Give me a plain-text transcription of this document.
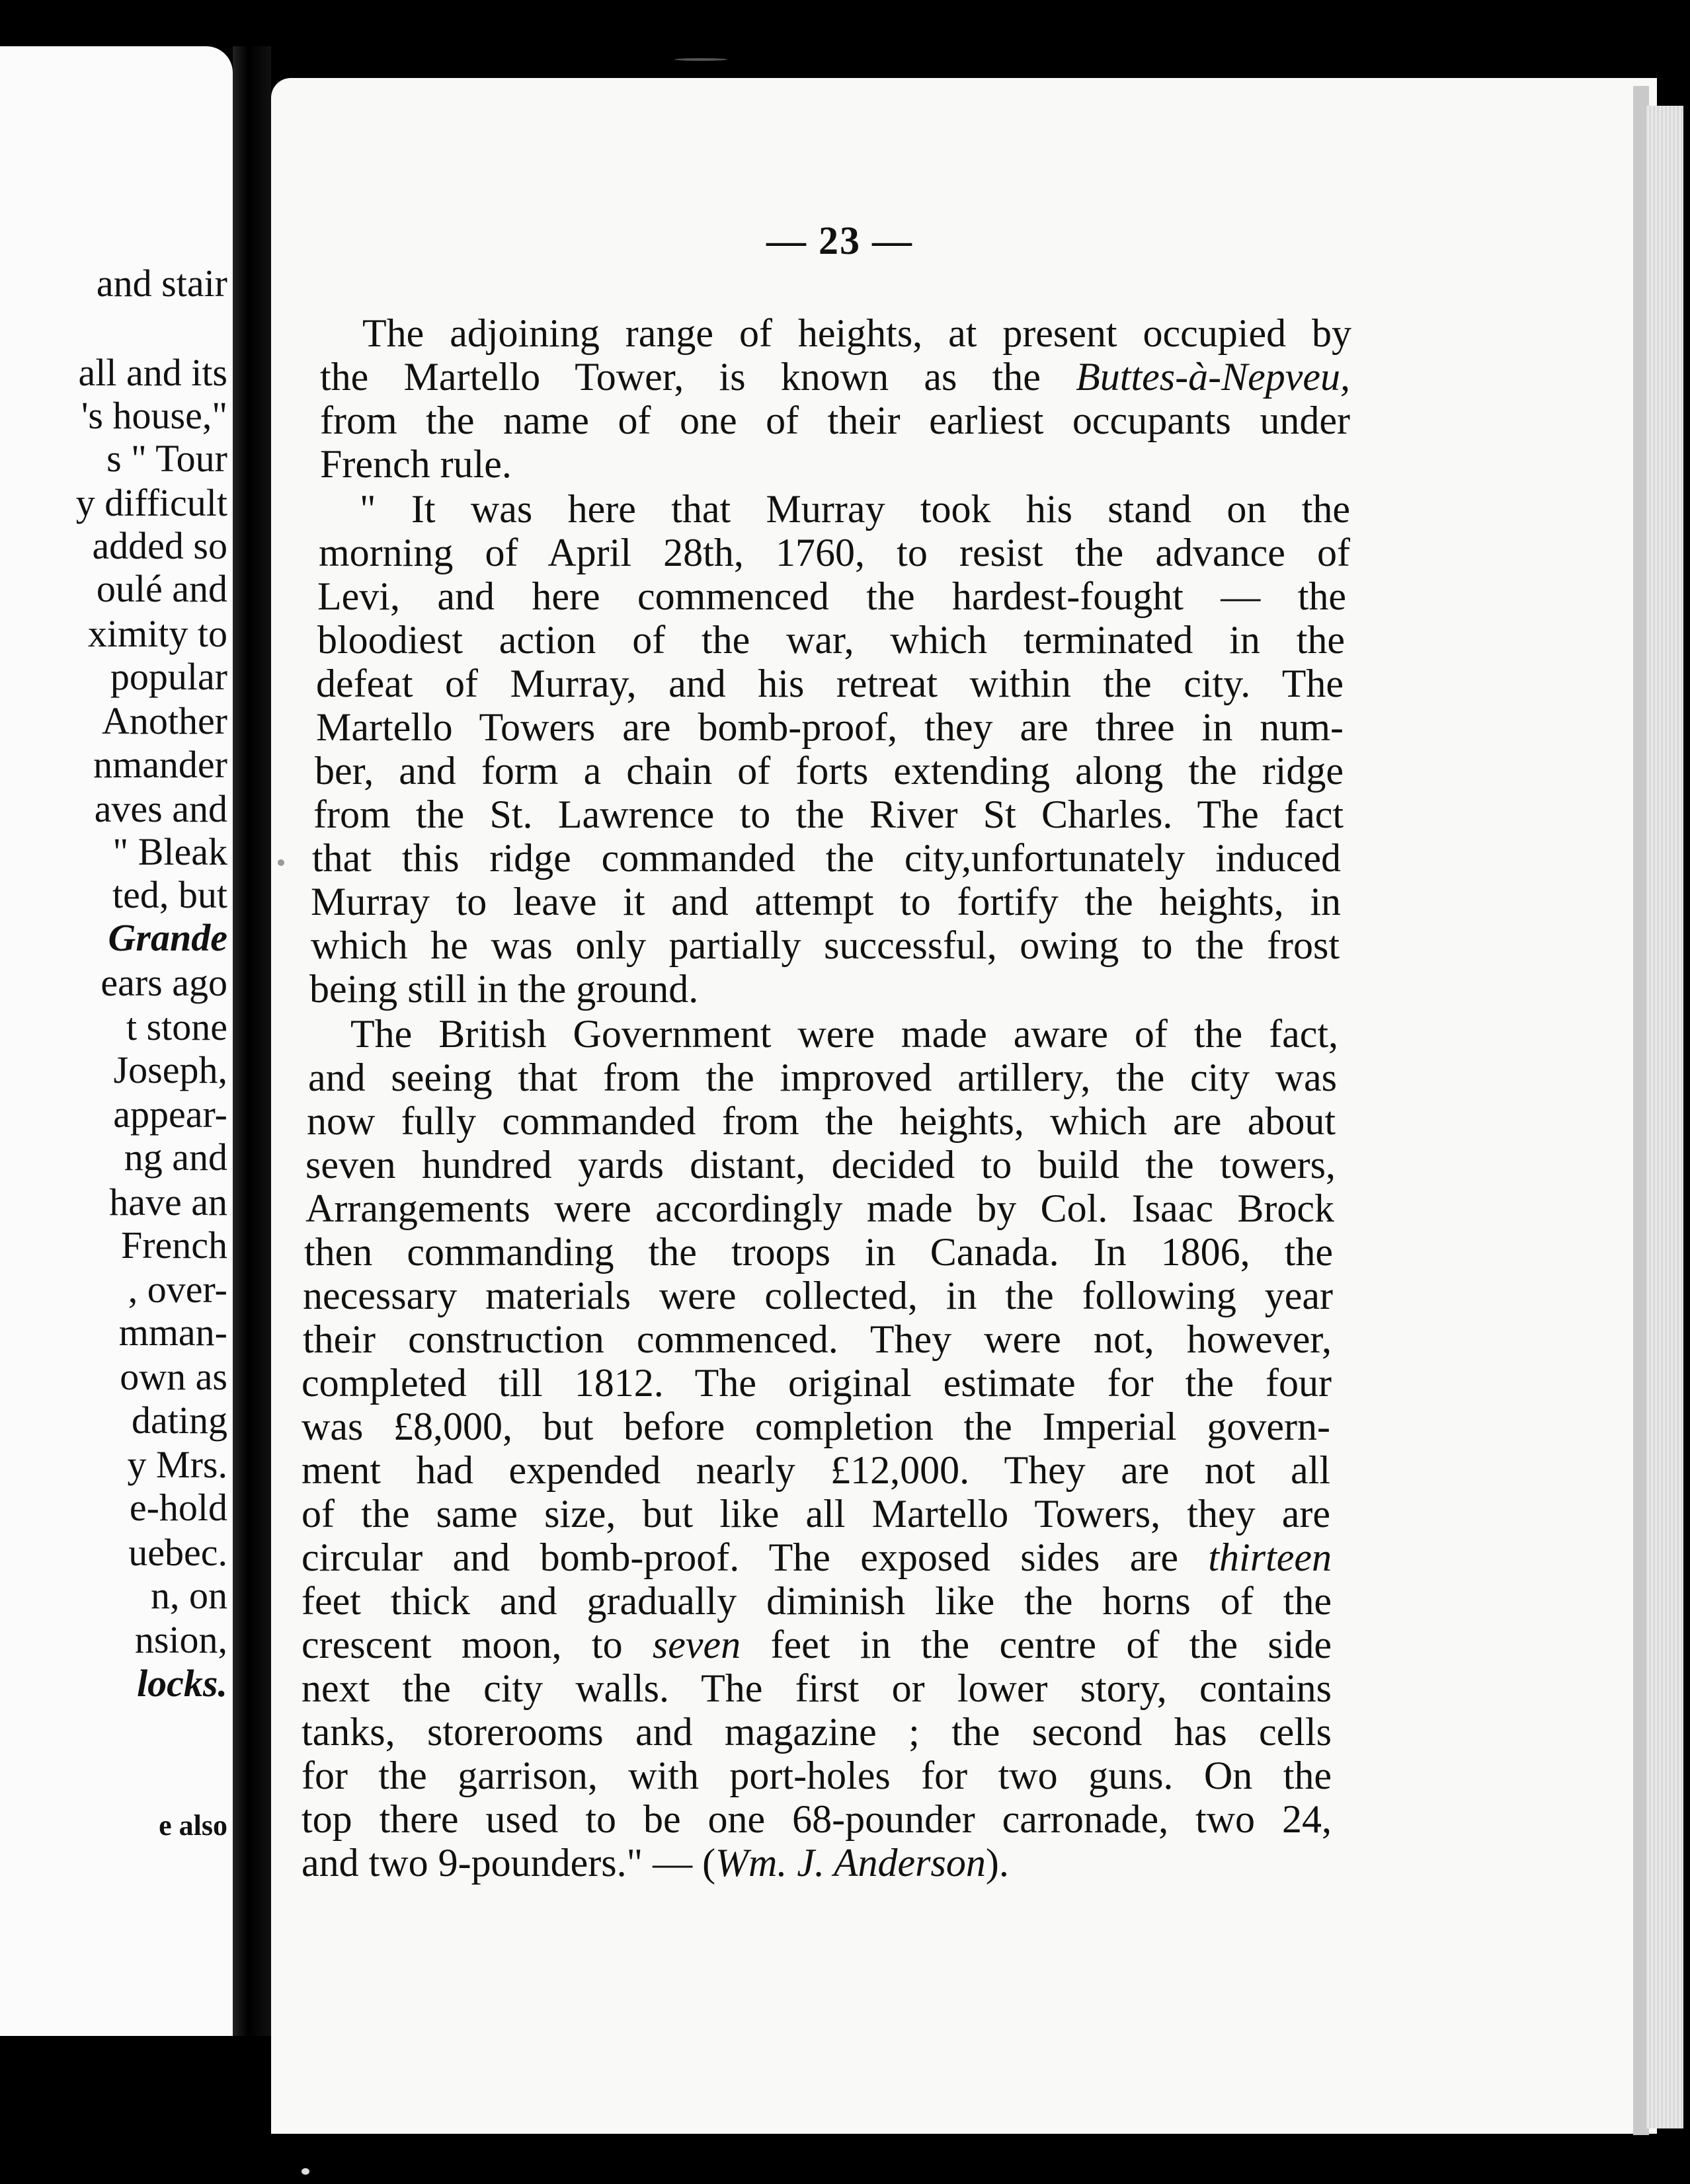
and stair
all and its
's house,"
s " Tour
y difficult
added so
oulé and
ximity to
popular
Another
nmander
aves and
" Bleak
ted, but
Grande
ears ago
t stone
Joseph,
appear-
ng and
have an
French
, over-
mman-
own as
dating
y Mrs.
e-hold
uebec.
n, on
nsion,
locks.
e also
— 23 —
The adjoining range of heights, at present occupied by
the Martello Tower, is known as the Buttes-à-Nepveu,
from the name of one of their earliest occupants under
French rule.
" It was here that Murray took his stand on the
morning of April 28th, 1760, to resist the advance of
Levi, and here commenced the hardest-fought — the
bloodiest action of the war, which terminated in the
defeat of Murray, and his retreat within the city. The
Martello Towers are bomb-proof, they are three in num-
ber, and form a chain of forts extending along the ridge
from the St. Lawrence to the River St Charles. The fact
that this ridge commanded the city,unfortunately induced
Murray to leave it and attempt to fortify the heights, in
which he was only partially successful, owing to the frost
being still in the ground.
The British Government were made aware of the fact,
and seeing that from the improved artillery, the city was
now fully commanded from the heights, which are about
seven hundred yards distant, decided to build the towers,
Arrangements were accordingly made by Col. Isaac Brock
then commanding the troops in Canada. In 1806, the
necessary materials were collected, in the following year
their construction commenced. They were not, however,
completed till 1812. The original estimate for the four
was £8,000, but before completion the Imperial govern-
ment had expended nearly £12,000. They are not all
of the same size, but like all Martello Towers, they are
circular and bomb-proof. The exposed sides are thirteen
feet thick and gradually diminish like the horns of the
crescent moon, to seven feet in the centre of the side
next the city walls. The first or lower story, contains
tanks, storerooms and magazine ; the second has cells
for the garrison, with port-holes for two guns. On the
top there used to be one 68-pounder carronade, two 24,
and two 9-pounders." — (Wm. J. Anderson).
